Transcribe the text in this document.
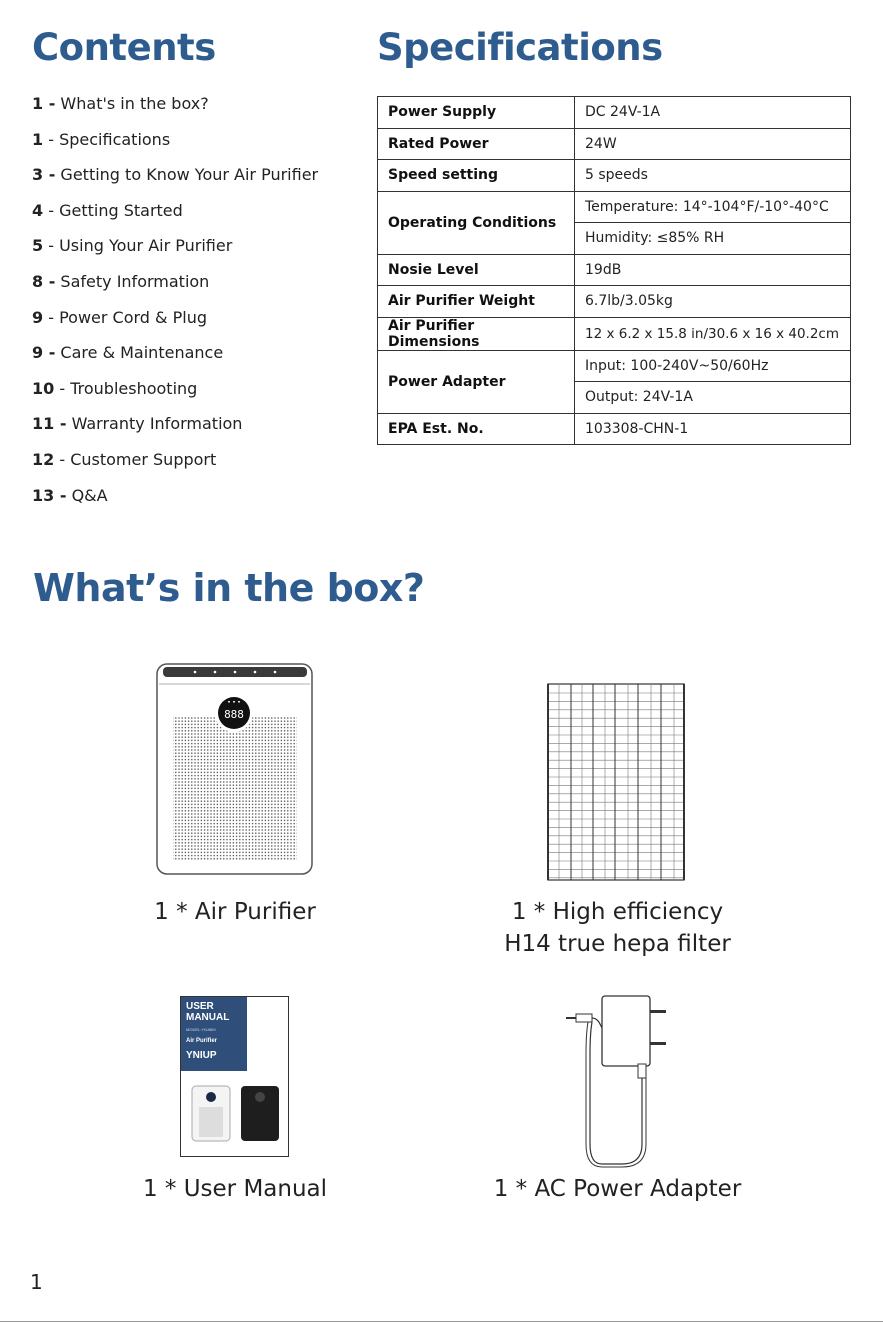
Contents	Specifications
1 - What's in the box?
1 - Specifications
3 - Getting to Know Your Air Purifier
4 - Getting Started
5 - Using Your Air Purifier
8 - Safety Information
9 - Power Cord & Plug
9 - Care & Maintenance
10 - Troubleshooting
11 - Warranty Information
12 - Customer Support
13 - Q&A
Power Supply	DC 24V-1A
Rated Power	24W
Speed setting	5 speeds
Operating Conditions	Temperature: 14°-104°F/-10°-40°C
	Humidity: ≤85% RH
Nosie Level	19dB
Air Purifier Weight	6.7lb/3.05kg
Air Purifier Dimensions	12 x 6.2 x 15.8 in/30.6 x 16 x 40.2cm
Power Adapter	Input: 100-240V~50/60Hz
	Output: 24V-1A
EPA Est. No.	103308-CHN-1
What’s in the box?
888
USER
MANUAL
MODEL:YNJ869
Air Purifier
YNIUP
1 * Air Purifier	1 * High efficiency
H14 true hepa filter
1 * User Manual	1 * AC Power Adapter
1
